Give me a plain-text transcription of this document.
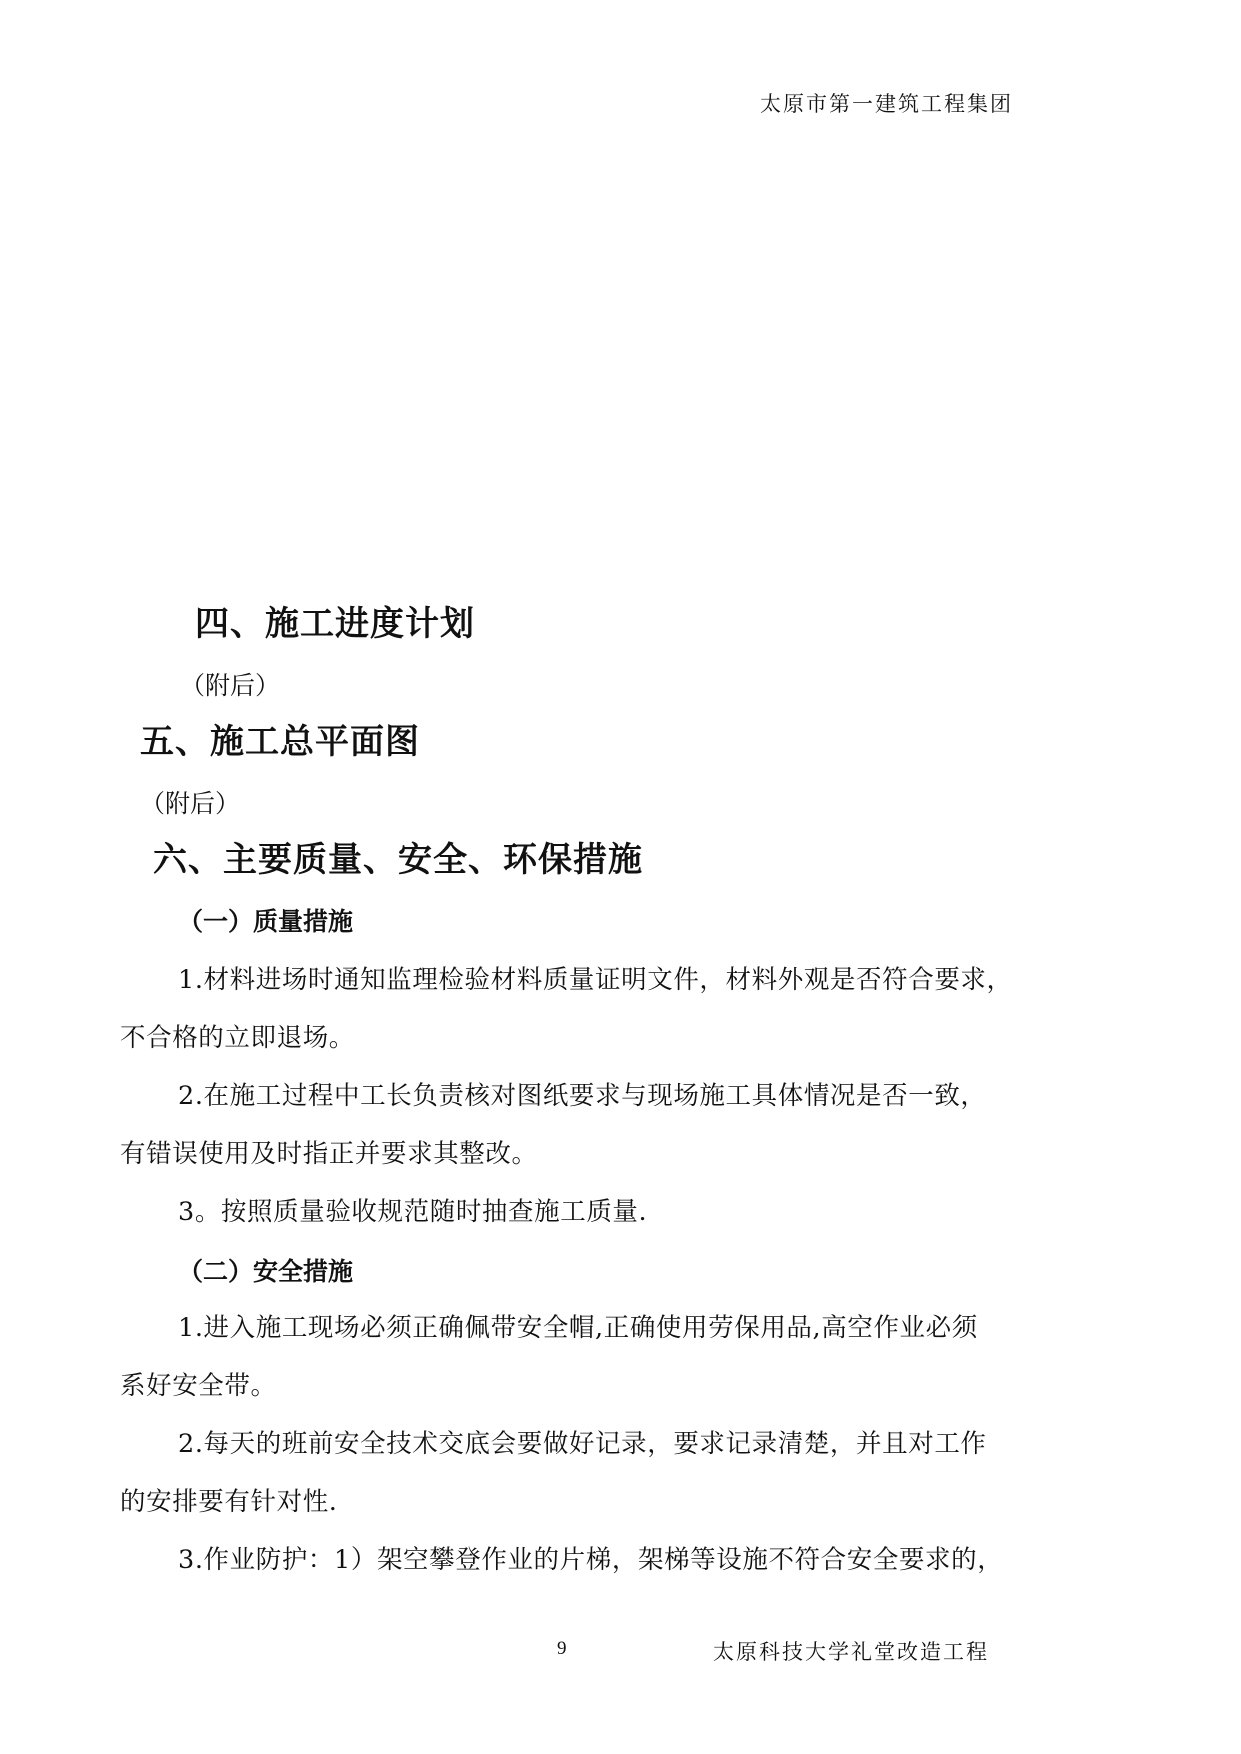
太原市第一建筑工程集团
四、施工进度计划
（附后）
五、施工总平面图
（附后）
六、主要质量、安全、环保措施
（一）质量措施
1.材料进场时通知监理检验材料质量证明文件，材料外观是否符合要求，
不合格的立即退场。
2.在施工过程中工长负责核对图纸要求与现场施工具体情况是否一致，
有错误使用及时指正并要求其整改。
3。按照质量验收规范随时抽查施工质量.
（二）安全措施
1.进入施工现场必须正确佩带安全帽,正确使用劳保用品,高空作业必须
系好安全带。
2.每天的班前安全技术交底会要做好记录，要求记录清楚，并且对工作
的安排要有针对性.
3.作业防护：1）架空攀登作业的片梯，架梯等设施不符合安全要求的，
9	太原科技大学礼堂改造工程
